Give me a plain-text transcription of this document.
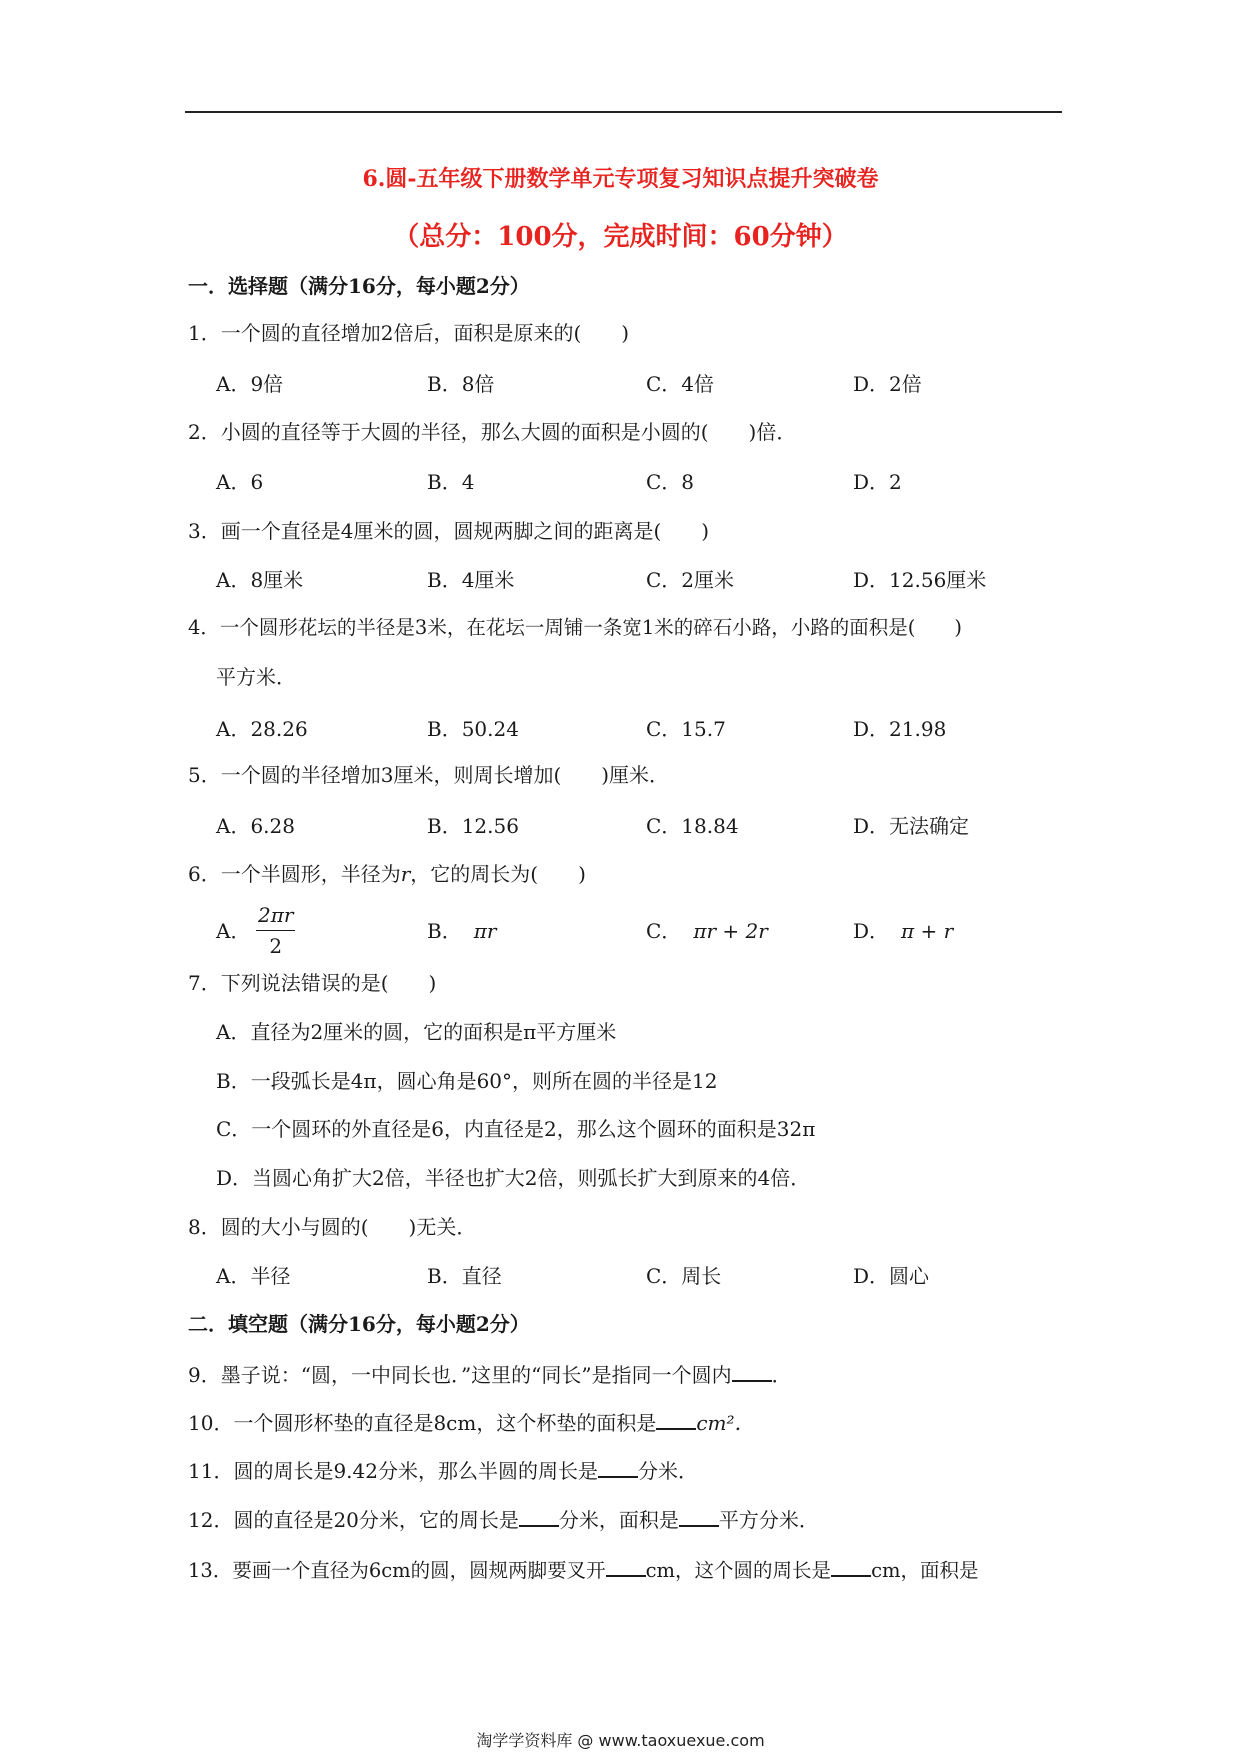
6.圆-五年级下册数学单元专项复习知识点提升突破卷
（总分：100分，完成时间：60分钟）
一．选择题（满分16分，每小题2分）
1．一个圆的直径增加2倍后，面积是原来的(　　)
A．9倍	B．8倍	C．4倍	D．2倍
2．小圆的直径等于大圆的半径，那么大圆的面积是小圆的(　　)倍．
A．6	B．4	C．8	D．2
3．画一个直径是4厘米的圆，圆规两脚之间的距离是(　　)
A．8厘米	B．4厘米	C．2厘米	D．12.56厘米
4．一个圆形花坛的半径是3米，在花坛一周铺一条宽1米的碎石小路，小路的面积是(　　)
平方米．
A．28.26	B．50.24	C．15.7	D．21.98
5．一个圆的半径增加3厘米，则周长增加(　　)厘米．
A．6.28	B．12.56	C．18.84	D．无法确定
6．一个半圆形，半径为r，它的周长为(　　)
A． $\frac{2\pi r}{2}$	B． πr	C． πr + 2r	D． π + r
7．下列说法错误的是(　　)
A．直径为2厘米的圆，它的面积是π平方厘米
B．一段弧长是4π，圆心角是60°，则所在圆的半径是12
C．一个圆环的外直径是6，内直径是2，那么这个圆环的面积是32π
D．当圆心角扩大2倍，半径也扩大2倍，则弧长扩大到原来的4倍．
8．圆的大小与圆的(　　)无关．
A．半径	B．直径	C．周长	D．圆心
二．填空题（满分16分，每小题2分）
9．墨子说：“圆，一中同长也．”这里的“同长”是指同一个圆内 ．
10．一个圆形杯垫的直径是8cm，这个杯垫的面积是 cm²．
11．圆的周长是9.42分米，那么半圆的周长是 分米．
12．圆的直径是20分米，它的周长是 分米，面积是 平方分米．
13．要画一个直径为6cm的圆，圆规两脚要叉开 cm，这个圆的周长是 cm，面积是
淘学学资料库 @ www.taoxuexue.com
